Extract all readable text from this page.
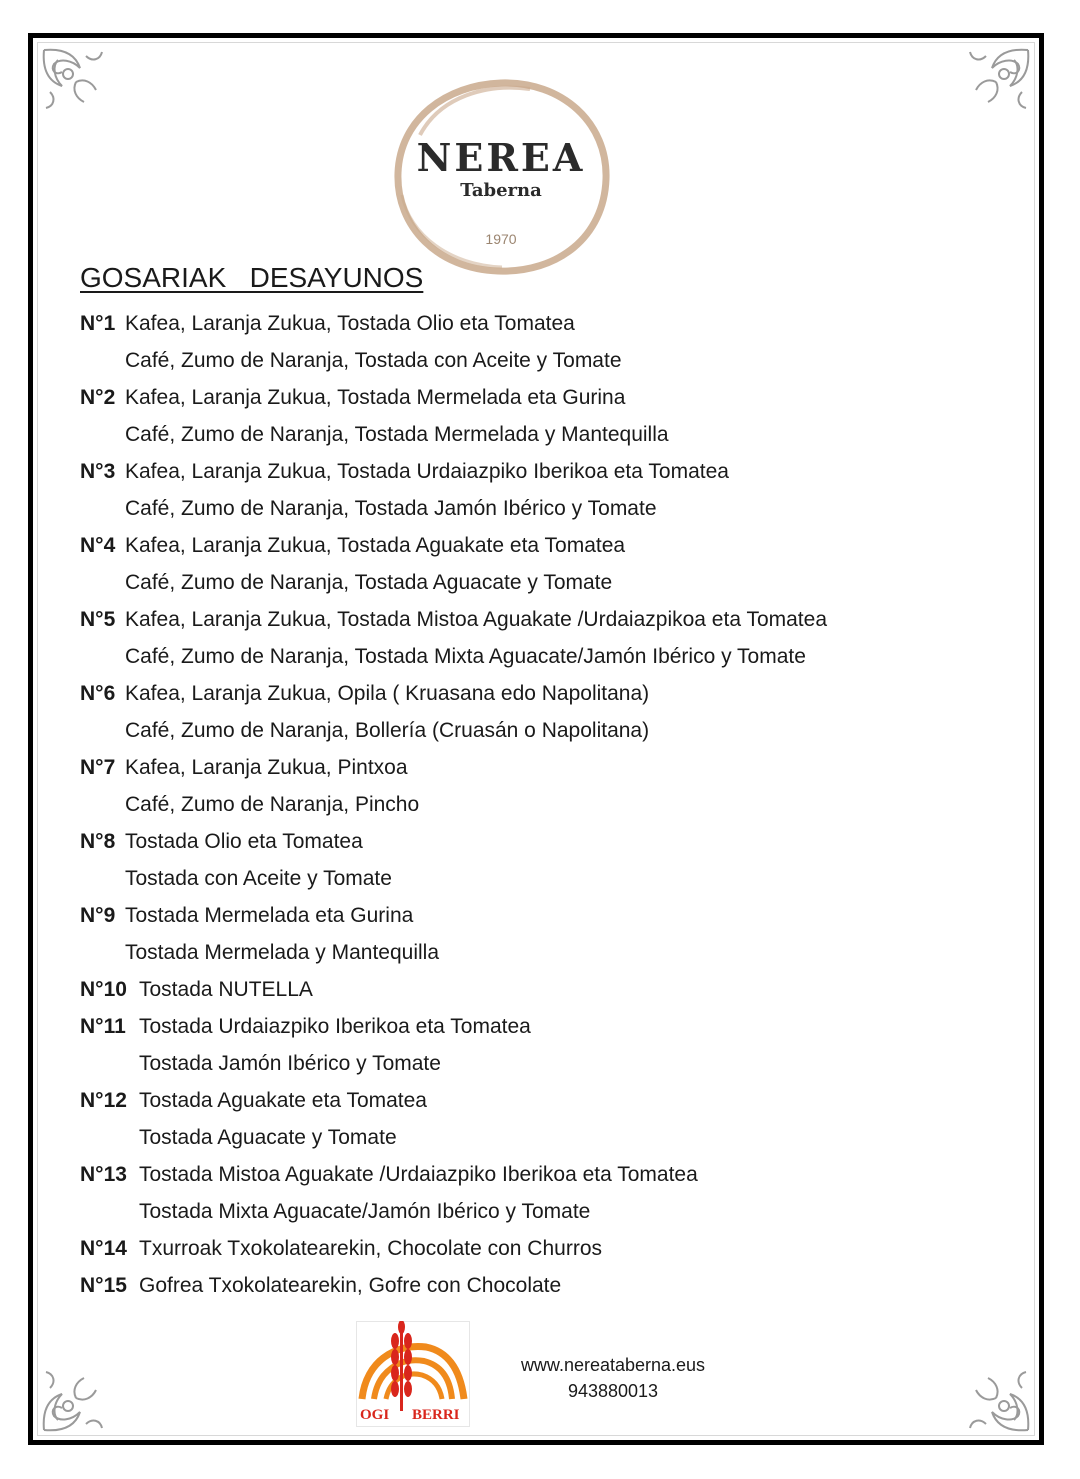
NEREA
Taberna
1970
GOSARIAK   DESAYUNOS
N°1 Kafea, Laranja Zukua, Tostada Olio eta Tomatea
Café, Zumo de Naranja, Tostada con Aceite y Tomate
N°2 Kafea, Laranja Zukua, Tostada Mermelada eta Gurina
Café, Zumo de Naranja, Tostada Mermelada y Mantequilla
N°3 Kafea, Laranja Zukua, Tostada Urdaiazpiko Iberikoa eta Tomatea
Café, Zumo de Naranja, Tostada Jamón Ibérico y Tomate
N°4 Kafea, Laranja Zukua, Tostada Aguakate eta Tomatea
Café, Zumo de Naranja, Tostada Aguacate y Tomate
N°5 Kafea, Laranja Zukua, Tostada Mistoa Aguakate /Urdaiazpikoa eta Tomatea
Café, Zumo de Naranja, Tostada Mixta Aguacate/Jamón Ibérico y Tomate
N°6 Kafea, Laranja Zukua, Opila ( Kruasana edo Napolitana)
Café, Zumo de Naranja, Bollería (Cruasán o Napolitana)
N°7 Kafea, Laranja Zukua, Pintxoa
Café, Zumo de Naranja, Pincho
N°8 Tostada Olio eta Tomatea
Tostada con Aceite y Tomate
N°9 Tostada Mermelada eta Gurina
Tostada Mermelada y Mantequilla
N°10 Tostada NUTELLA
N°11 Tostada Urdaiazpiko Iberikoa eta Tomatea
Tostada Jamón Ibérico y Tomate
N°12 Tostada Aguakate eta Tomatea
Tostada Aguacate y Tomate
N°13 Tostada Mistoa Aguakate /Urdaiazpiko Iberikoa eta Tomatea
Tostada Mixta Aguacate/Jamón Ibérico y Tomate
N°14 Txurroak Txokolatearekin, Chocolate con Churros
N°15 Gofrea Txokolatearekin, Gofre con Chocolate
OGI BERRI
www.nereataberna.eus
943880013
